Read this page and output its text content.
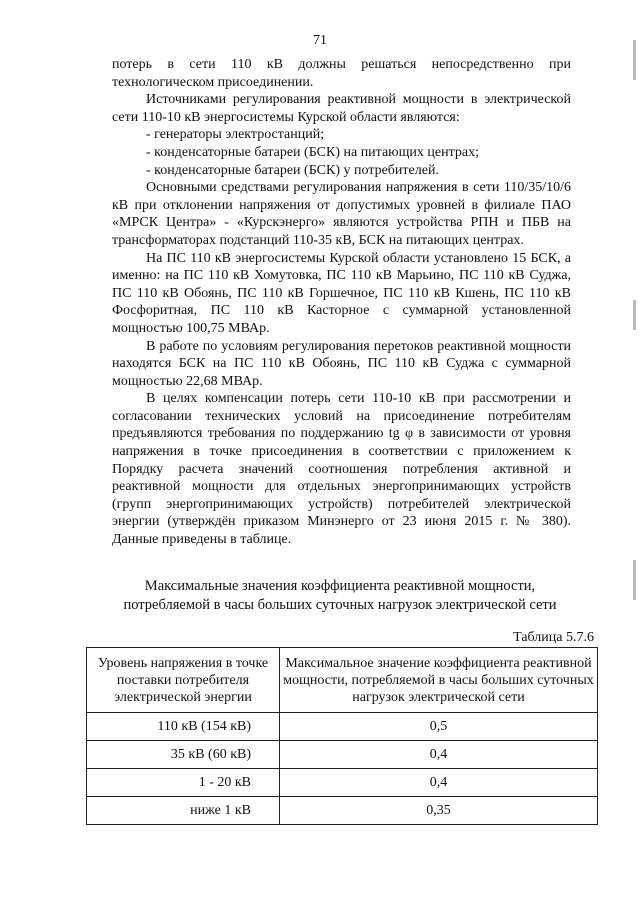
71

потерь в сети 110 кВ должны решаться непосредственно при технологическом присоединении.

Источниками регулирования реактивной мощности в электрической сети 110-10 кВ энергосистемы Курской области являются:

- генераторы электростанций;

- конденсаторные батареи (БСК) на питающих центрах;

- конденсаторные батареи (БСК) у потребителей.

Основными средствами регулирования напряжения в сети 110/35/10/6 кВ при отклонении напряжения от допустимых уровней в филиале ПАО «МРСК Центра» - «Курскэнерго» являются устройства РПН и ПБВ на трансформаторах подстанций 110-35 кВ, БСК на питающих центрах.

На ПС 110 кВ энергосистемы Курской области установлено 15 БСК, а именно: на ПС 110 кВ Хомутовка, ПС 110 кВ Марьино, ПС 110 кВ Суджа, ПС 110 кВ Обоянь, ПС 110 кВ Горшечное, ПС 110 кВ Кшень, ПС 110 кВ Фосфоритная, ПС 110 кВ Касторное с суммарной установленной мощностью 100,75 МВАр.

В работе по условиям регулирования перетоков реактивной мощности находятся БСК на ПС 110 кВ Обоянь, ПС 110 кВ Суджа с суммарной мощностью 22,68 МВАр.

В целях компенсации потерь сети 110-10 кВ при рассмотрении и согласовании технических условий на присоединение потребителям предъявляются требования по поддержанию tg φ в зависимости от уровня напряжения в точке присоединения в соответствии с приложением к Порядку расчета значений соотношения потребления активной и реактивной мощности для отдельных энергопринимающих устройств (групп энергопринимающих устройств) потребителей электрической энергии (утверждён приказом Минэнерго от 23 июня 2015 г. № 380). Данные приведены в таблице.

Максимальные значения коэффициента реактивной мощности,
потребляемой в часы больших суточных нагрузок электрической сети
Таблица 5.7.6
Уровень напряжения в точке поставки потребителя электрической энергии	Максимальное значение коэффициента реактивной мощности, потребляемой в часы больших суточных нагрузок электрической сети
110 кВ (154 кВ)	0,5
35 кВ (60 кВ)	0,4
1 - 20 кВ	0,4
ниже 1 кВ	0,35
